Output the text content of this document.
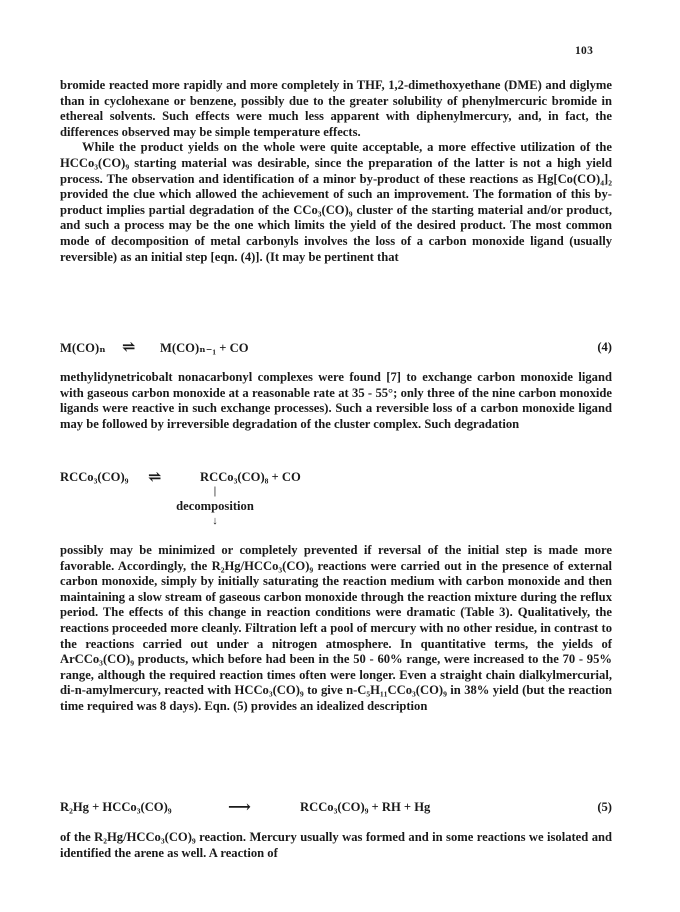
103

bromide reacted more rapidly and more completely in THF, 1,2-dimethoxyethane (DME) and diglyme than in cyclohexane or benzene, possibly due to the greater solubility of phenylmercuric bromide in ethereal solvents. Such effects were much less apparent with diphenylmercury, and, in fact, the differences observed may be simple temperature effects.

While the product yields on the whole were quite acceptable, a more effective utilization of the HCCo₃(CO)₉ starting material was desirable, since the preparation of the latter is not a high yield process. The observation and identification of a minor by-product of these reactions as Hg[Co(CO)₄]₂ provided the clue which allowed the achievement of such an improvement. The formation of this by-product implies partial degradation of the CCo₃(CO)₉ cluster of the starting material and/or product, and such a process may be the one which limits the yield of the desired product. The most common mode of decomposition of metal carbonyls involves the loss of a carbon monoxide ligand (usually reversible) as an initial step [eqn. (4)]. (It may be pertinent that

M(CO)ₙ ⇌ M(CO)ₙ₋₁ + CO	(4)

methylidynetricobalt nonacarbonyl complexes were found [7] to exchange carbon monoxide ligand with gaseous carbon monoxide at a reasonable rate at 35 - 55°; only three of the nine carbon monoxide ligands were reactive in such exchange processes). Such a reversible loss of a carbon monoxide ligand may be followed by irreversible degradation of the cluster complex. Such degradation

RCCo₃(CO)₉ ⇌	RCCo₃(CO)₈ + CO
|
decomposition
↓

possibly may be minimized or completely prevented if reversal of the initial step is made more favorable. Accordingly, the R₂Hg/HCCo₃(CO)₉ reactions were carried out in the presence of external carbon monoxide, simply by initially saturating the reaction medium with carbon monoxide and then maintaining a slow stream of gaseous carbon monoxide through the reaction mixture during the reflux period. The effects of this change in reaction conditions were dramatic (Table 3). Qualitatively, the reactions proceeded more cleanly. Filtration left a pool of mercury with no other residue, in contrast to the reactions carried out under a nitrogen atmosphere. In quantitative terms, the yields of ArCCo₃(CO)₉ products, which before had been in the 50 - 60% range, were increased to the 70 - 95% range, although the required reaction times often were longer. Even a straight chain dialkylmercurial, di-n-amylmercury, reacted with HCCo₃(CO)₉ to give n-C₅H₁₁CCo₃(CO)₉ in 38% yield (but the reaction time required was 8 days). Eqn. (5) provides an idealized description

R₂Hg + HCCo₃(CO)₉	⟶	RCCo₃(CO)₉ + RH + Hg	(5)

of the R₂Hg/HCCo₃(CO)₉ reaction. Mercury usually was formed and in some reactions we isolated and identified the arene as well. A reaction of
